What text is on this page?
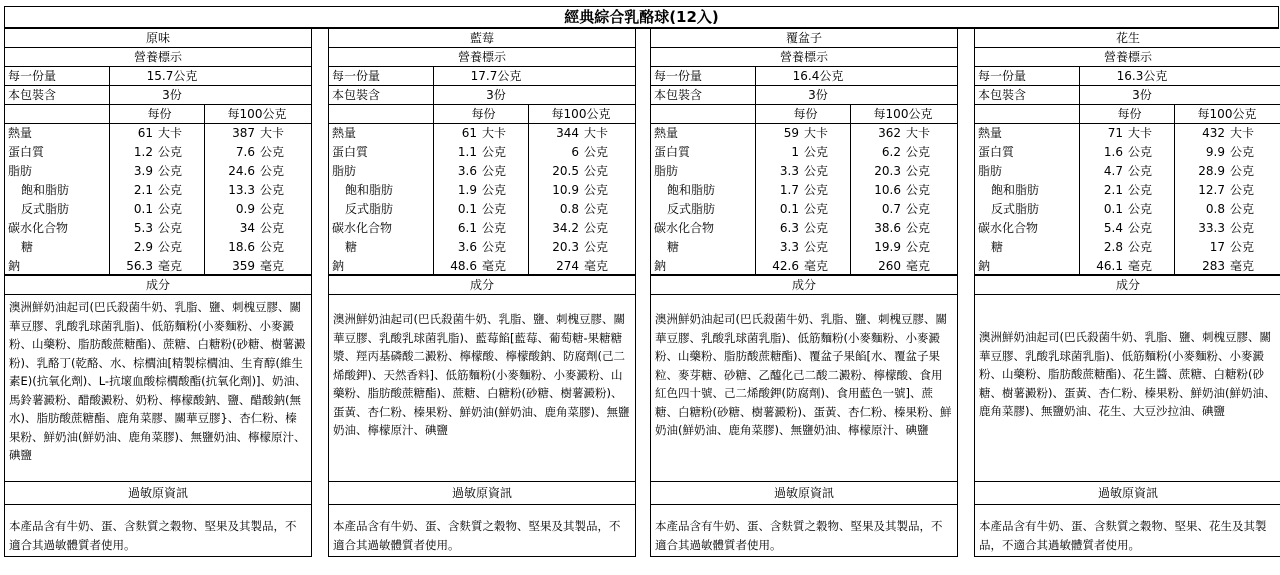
經典綜合乳酪球(12入)
原味
營養標示
每一份量	15.7公克
本包裝含	3份
每份	每100公克
熱量	61 大卡	387 大卡
蛋白質	1.2 公克	7.6 公克
脂肪	3.9 公克	24.6 公克
飽和脂肪	2.1 公克	13.3 公克
反式脂肪	0.1 公克	0.9 公克
碳水化合物	5.3 公克	34 公克
糖	2.9 公克	18.6 公克
鈉	56.3 毫克	359 毫克
成分
澳洲鮮奶油起司(巴氏殺菌牛奶、乳脂、鹽、刺槐豆膠、關華豆膠、乳酸乳球菌乳脂)、低筋麵粉(小麥麵粉、小麥澱粉、山藥粉、脂肪酸蔗糖酯)、蔗糖、白糖粉(砂糖、樹薯澱粉)、乳酪丁(乾酪、水、棕櫚油[精製棕櫚油、生育醇(維生素E)(抗氧化劑)、L-抗壞血酸棕櫚酸酯(抗氧化劑)]、奶油、馬鈴薯澱粉、醋酸澱粉、奶粉、檸檬酸鈉、鹽、醋酸鈉(無水)、脂肪酸蔗糖酯、鹿角菜膠、關華豆膠}、杏仁粉、榛果粉、鮮奶油(鮮奶油、鹿角菜膠)、無鹽奶油、檸檬原汁、碘鹽
過敏原資訊
本產品含有牛奶、蛋、含麩質之穀物、堅果及其製品，不適合其過敏體質者使用。
藍莓
營養標示
每一份量	17.7公克
本包裝含	3份
每份	每100公克
熱量	61 大卡	344 大卡
蛋白質	1.1 公克	6 公克
脂肪	3.6 公克	20.5 公克
飽和脂肪	1.9 公克	10.9 公克
反式脂肪	0.1 公克	0.8 公克
碳水化合物	6.1 公克	34.2 公克
糖	3.6 公克	20.3 公克
鈉	48.6 毫克	274 毫克
成分
澳洲鮮奶油起司(巴氏殺菌牛奶、乳脂、鹽、刺槐豆膠、關華豆膠、乳酸乳球菌乳脂)、藍莓餡[藍莓、葡萄糖-果糖糖漿、羥丙基磷酸二澱粉、檸檬酸、檸檬酸鈉、防腐劑(己二烯酸鉀)、天然香料]、低筋麵粉(小麥麵粉、小麥澱粉、山藥粉、脂肪酸蔗糖酯)、蔗糖、白糖粉(砂糖、樹薯澱粉)、蛋黃、杏仁粉、榛果粉、鮮奶油(鮮奶油、鹿角菜膠)、無鹽奶油、檸檬原汁、碘鹽
過敏原資訊
本產品含有牛奶、蛋、含麩質之穀物、堅果及其製品，不適合其過敏體質者使用。
覆盆子
營養標示
每一份量	16.4公克
本包裝含	3份
每份	每100公克
熱量	59 大卡	362 大卡
蛋白質	1 公克	6.2 公克
脂肪	3.3 公克	20.3 公克
飽和脂肪	1.7 公克	10.6 公克
反式脂肪	0.1 公克	0.7 公克
碳水化合物	6.3 公克	38.6 公克
糖	3.3 公克	19.9 公克
鈉	42.6 毫克	260 毫克
成分
澳洲鮮奶油起司(巴氏殺菌牛奶、乳脂、鹽、刺槐豆膠、關華豆膠、乳酸乳球菌乳脂)、低筋麵粉(小麥麵粉、小麥澱粉、山藥粉、脂肪酸蔗糖酯)、覆盆子果餡[水、覆盆子果粒、麥芽糖、砂糖、乙醯化己二酸二澱粉、檸檬酸、食用紅色四十號、己二烯酸鉀(防腐劑)、食用藍色一號]、蔗糖、白糖粉(砂糖、樹薯澱粉)、蛋黃、杏仁粉、榛果粉、鮮奶油(鮮奶油、鹿角菜膠)、無鹽奶油、檸檬原汁、碘鹽
過敏原資訊
本產品含有牛奶、蛋、含麩質之穀物、堅果及其製品，不適合其過敏體質者使用。
花生
營養標示
每一份量	16.3公克
本包裝含	3份
每份	每100公克
熱量	71 大卡	432 大卡
蛋白質	1.6 公克	9.9 公克
脂肪	4.7 公克	28.9 公克
飽和脂肪	2.1 公克	12.7 公克
反式脂肪	0.1 公克	0.8 公克
碳水化合物	5.4 公克	33.3 公克
糖	2.8 公克	17 公克
鈉	46.1 毫克	283 毫克
成分
澳洲鮮奶油起司(巴氏殺菌牛奶、乳脂、鹽、刺槐豆膠、關華豆膠、乳酸乳球菌乳脂)、低筋麵粉(小麥麵粉、小麥澱粉、山藥粉、脂肪酸蔗糖酯)、花生醬、蔗糖、白糖粉(砂糖、樹薯澱粉)、蛋黃、杏仁粉、榛果粉、鮮奶油(鮮奶油、鹿角菜膠)、無鹽奶油、花生、大豆沙拉油、碘鹽
過敏原資訊
本產品含有牛奶、蛋、含麩質之穀物、堅果、花生及其製品，不適合其過敏體質者使用。
